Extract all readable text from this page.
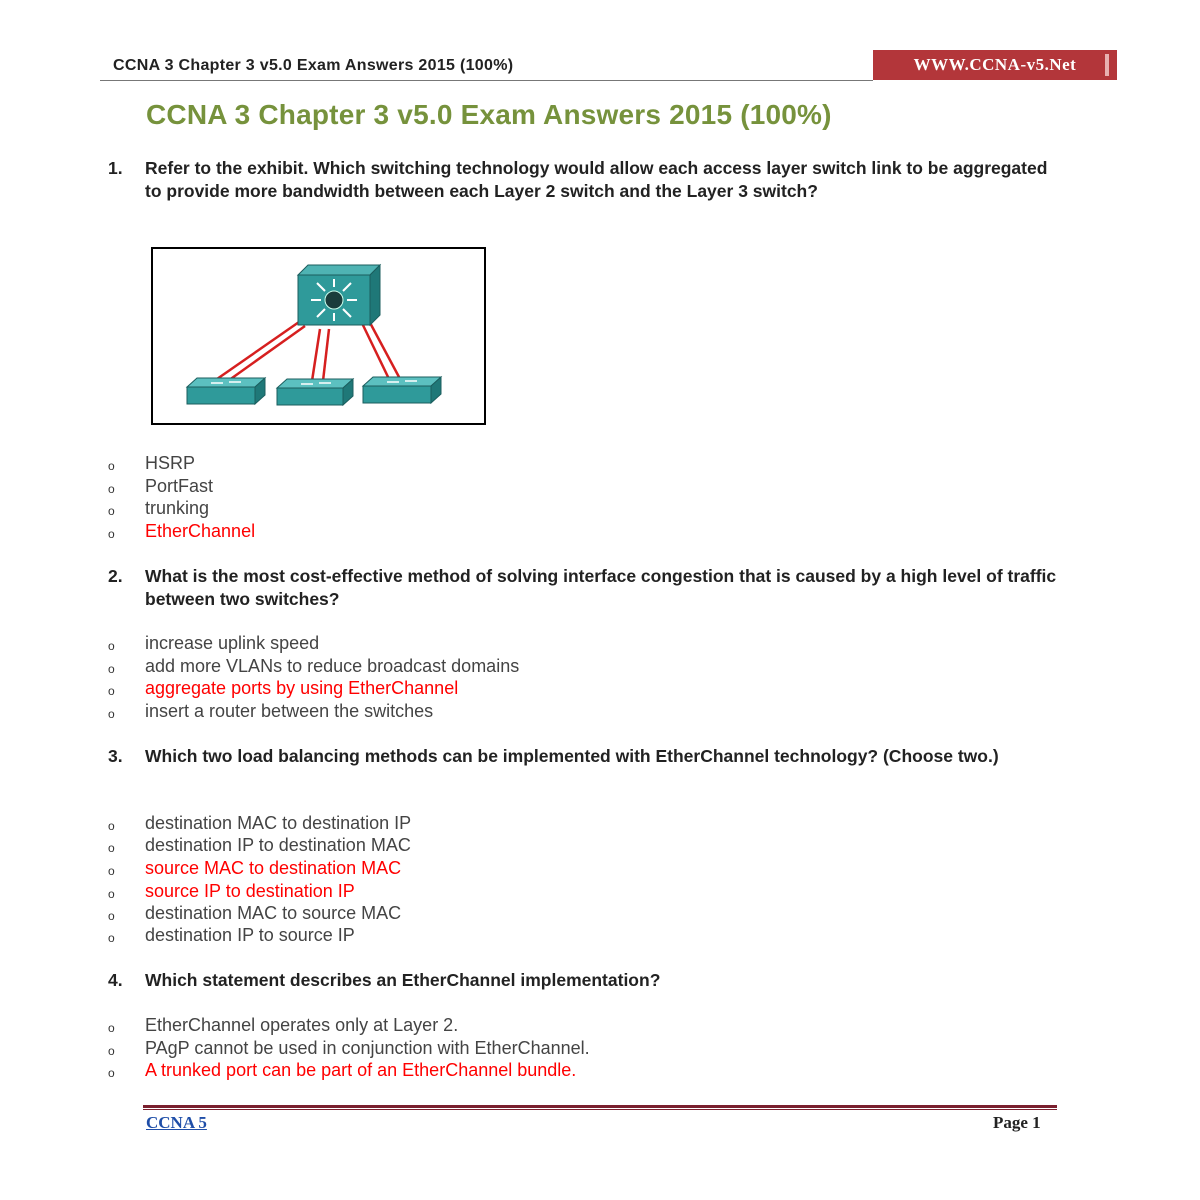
CCNA 3 Chapter 3 v5.0 Exam Answers 2015 (100%)	WWW.CCNA-v5.Net
CCNA 3 Chapter 3 v5.0 Exam Answers 2015 (100%)
1. Refer to the exhibit. Which switching technology would allow each access layer switch link to be aggregated to provide more bandwidth between each Layer 2 switch and the Layer 3 switch?
o HSRP
o PortFast
o trunking
o EtherChannel
2. What is the most cost-effective method of solving interface congestion that is caused by a high level of traffic between two switches?
o increase uplink speed
o add more VLANs to reduce broadcast domains
o aggregate ports by using EtherChannel
o insert a router between the switches
3. Which two load balancing methods can be implemented with EtherChannel technology? (Choose two.)
o destination MAC to destination IP
o destination IP to destination MAC
o source MAC to destination MAC
o source IP to destination IP
o destination MAC to source MAC
o destination IP to source IP
4. Which statement describes an EtherChannel implementation?
o EtherChannel operates only at Layer 2.
o PAgP cannot be used in conjunction with EtherChannel.
o A trunked port can be part of an EtherChannel bundle.
CCNA 5	Page 1
